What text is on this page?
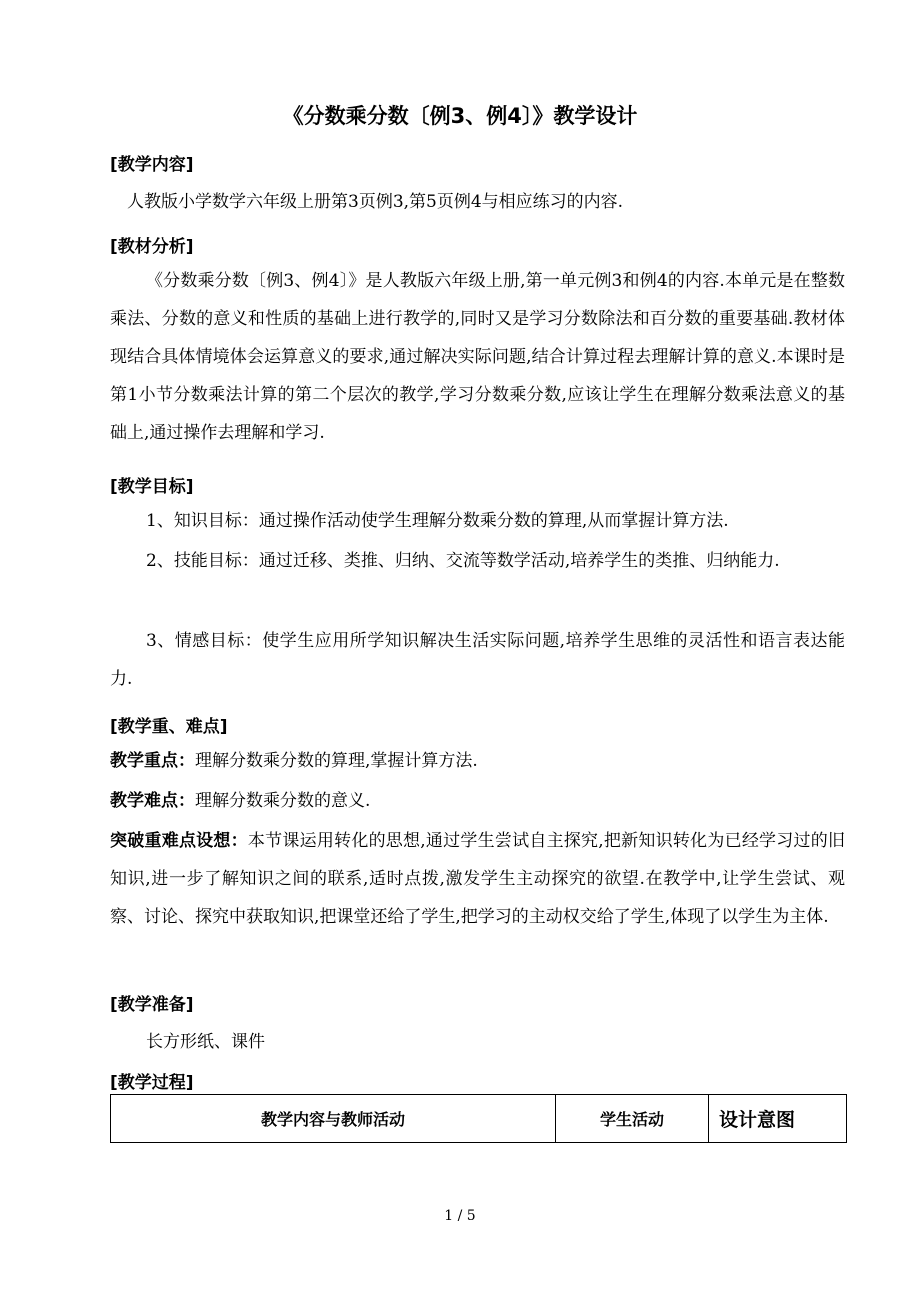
《分数乘分数〔例3、例4〕》教学设计
[教学内容]
人教版小学数学六年级上册第3页例3,第5页例4与相应练习的内容.
[教材分析]
《分数乘分数〔例3、例4〕》是人教版六年级上册,第一单元例3和例4的内容.本单元是在整数乘法、分数的意义和性质的基础上进行教学的,同时又是学习分数除法和百分数的重要基础.教材体现结合具体情境体会运算意义的要求,通过解决实际问题,结合计算过程去理解计算的意义.本课时是第1小节分数乘法计算的第二个层次的教学,学习分数乘分数,应该让学生在理解分数乘法意义的基础上,通过操作去理解和学习.
[教学目标]
1、知识目标：通过操作活动使学生理解分数乘分数的算理,从而掌握计算方法.
2、技能目标：通过迁移、类推、归纳、交流等数学活动,培养学生的类推、归纳能力.
3、情感目标：使学生应用所学知识解决生活实际问题,培养学生思维的灵活性和语言表达能力.
[教学重、难点]
教学重点：理解分数乘分数的算理,掌握计算方法.
教学难点：理解分数乘分数的意义.
突破重难点设想：本节课运用转化的思想,通过学生尝试自主探究,把新知识转化为已经学习过的旧知识,进一步了解知识之间的联系,适时点拨,激发学生主动探究的欲望.在教学中,让学生尝试、观察、讨论、探究中获取知识,把课堂还给了学生,把学习的主动权交给了学生,体现了以学生为主体.
[教学准备]
长方形纸、课件
[教学过程]
教学内容与教师活动	学生活动	设计意图
1 / 5
